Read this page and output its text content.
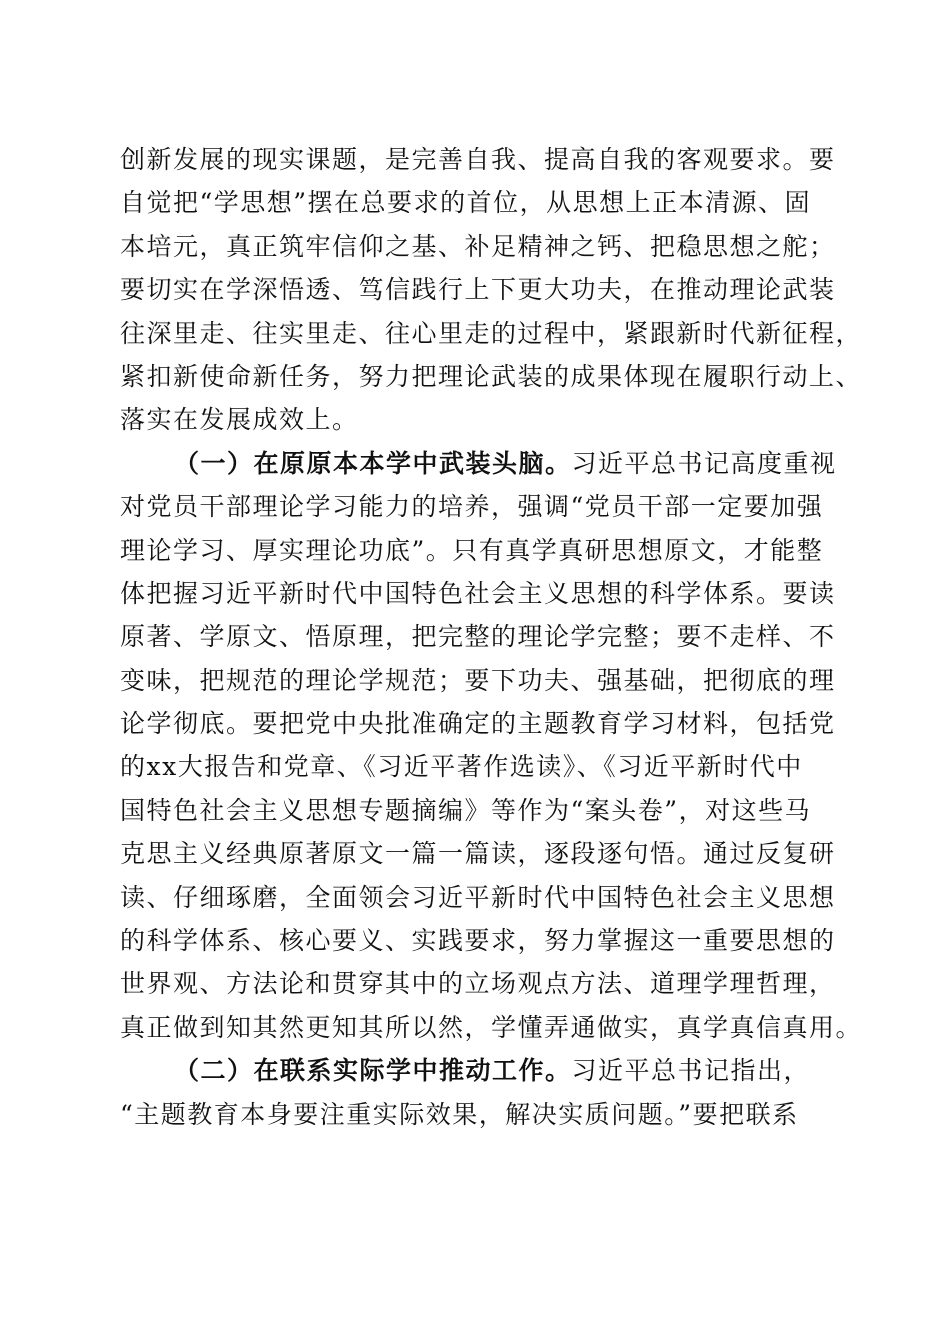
创新发展的现实课题，是完善自我、提高自我的客观要求。要
自觉把“学思想”摆在总要求的首位，从思想上正本清源、固
本培元，真正筑牢信仰之基、补足精神之钙、把稳思想之舵；
要切实在学深悟透、笃信践行上下更大功夫，在推动理论武装
往深里走、往实里走、往心里走的过程中，紧跟新时代新征程，
紧扣新使命新任务，努力把理论武装的成果体现在履职行动上、
落实在发展成效上。
（一）在原原本本学中武装头脑。习近平总书记高度重视
对党员干部理论学习能力的培养，强调“党员干部一定要加强
理论学习、厚实理论功底”。只有真学真研思想原文，才能整
体把握习近平新时代中国特色社会主义思想的科学体系。要读
原著、学原文、悟原理，把完整的理论学完整；要不走样、不
变味，把规范的理论学规范；要下功夫、强基础，把彻底的理
论学彻底。要把党中央批准确定的主题教育学习材料，包括党
的xx大报告和党章、《习近平著作选读》、《习近平新时代中
国特色社会主义思想专题摘编》等作为“案头卷”，对这些马
克思主义经典原著原文一篇一篇读，逐段逐句悟。通过反复研
读、仔细琢磨，全面领会习近平新时代中国特色社会主义思想
的科学体系、核心要义、实践要求，努力掌握这一重要思想的
世界观、方法论和贯穿其中的立场观点方法、道理学理哲理，
真正做到知其然更知其所以然，学懂弄通做实，真学真信真用。
（二）在联系实际学中推动工作。习近平总书记指出，
“主题教育本身要注重实际效果，解决实质问题。”要把联系
